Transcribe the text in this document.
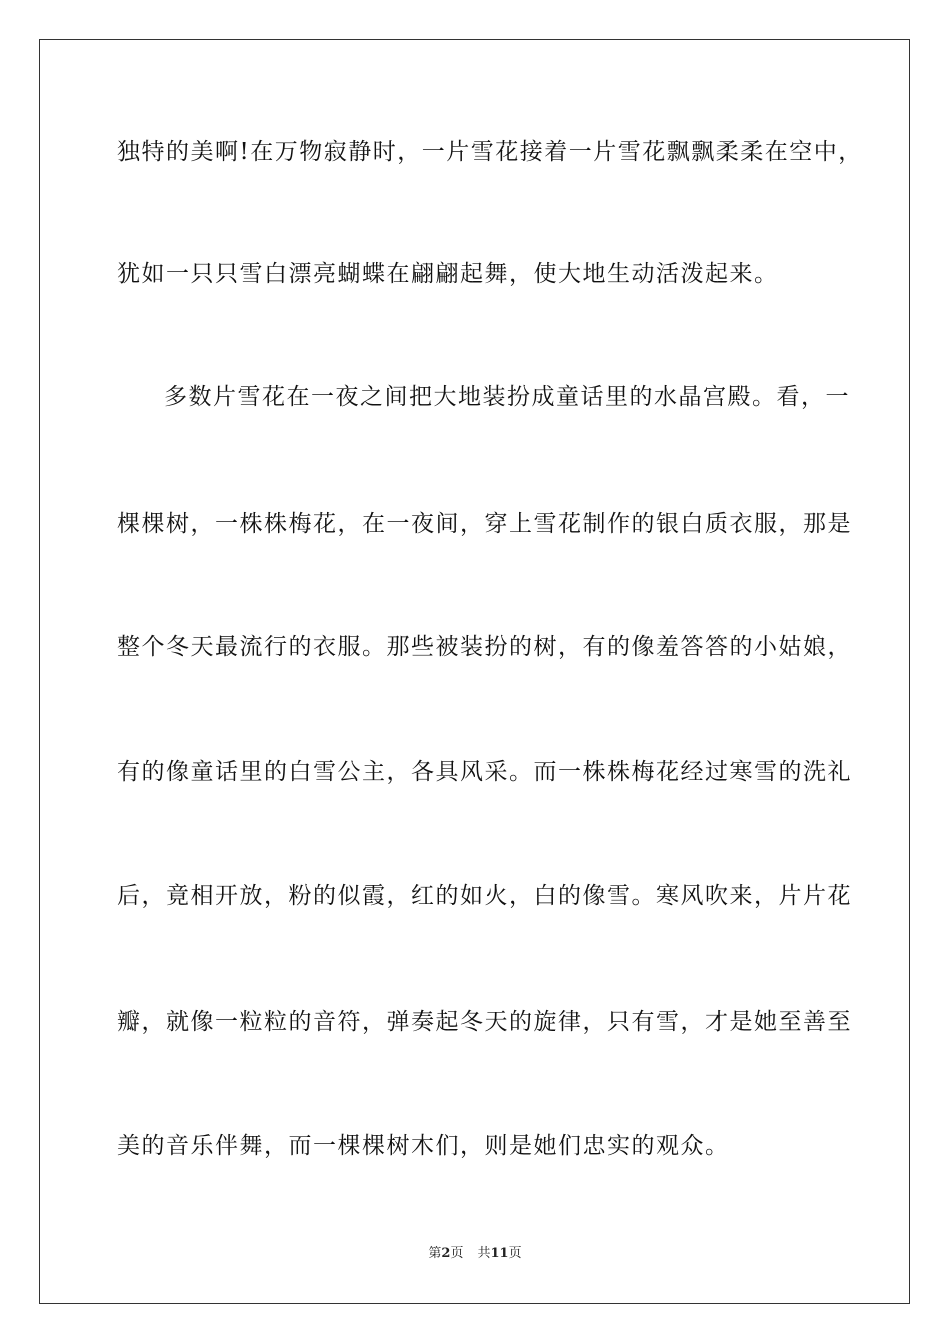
独特的美啊!在万物寂静时，一片雪花接着一片雪花飘飘柔柔在空中，
犹如一只只雪白漂亮蝴蝶在翩翩起舞，使大地生动活泼起来。
多数片雪花在一夜之间把大地装扮成童话里的水晶宫殿。看，一
棵棵树，一株株梅花，在一夜间，穿上雪花制作的银白质衣服，那是
整个冬天最流行的衣服。那些被装扮的树，有的像羞答答的小姑娘，
有的像童话里的白雪公主，各具风采。而一株株梅花经过寒雪的洗礼
后，竟相开放，粉的似霞，红的如火，白的像雪。寒风吹来，片片花
瓣，就像一粒粒的音符，弹奏起冬天的旋律，只有雪，才是她至善至
美的音乐伴舞，而一棵棵树木们，则是她们忠实的观众。
第2页 共11页
